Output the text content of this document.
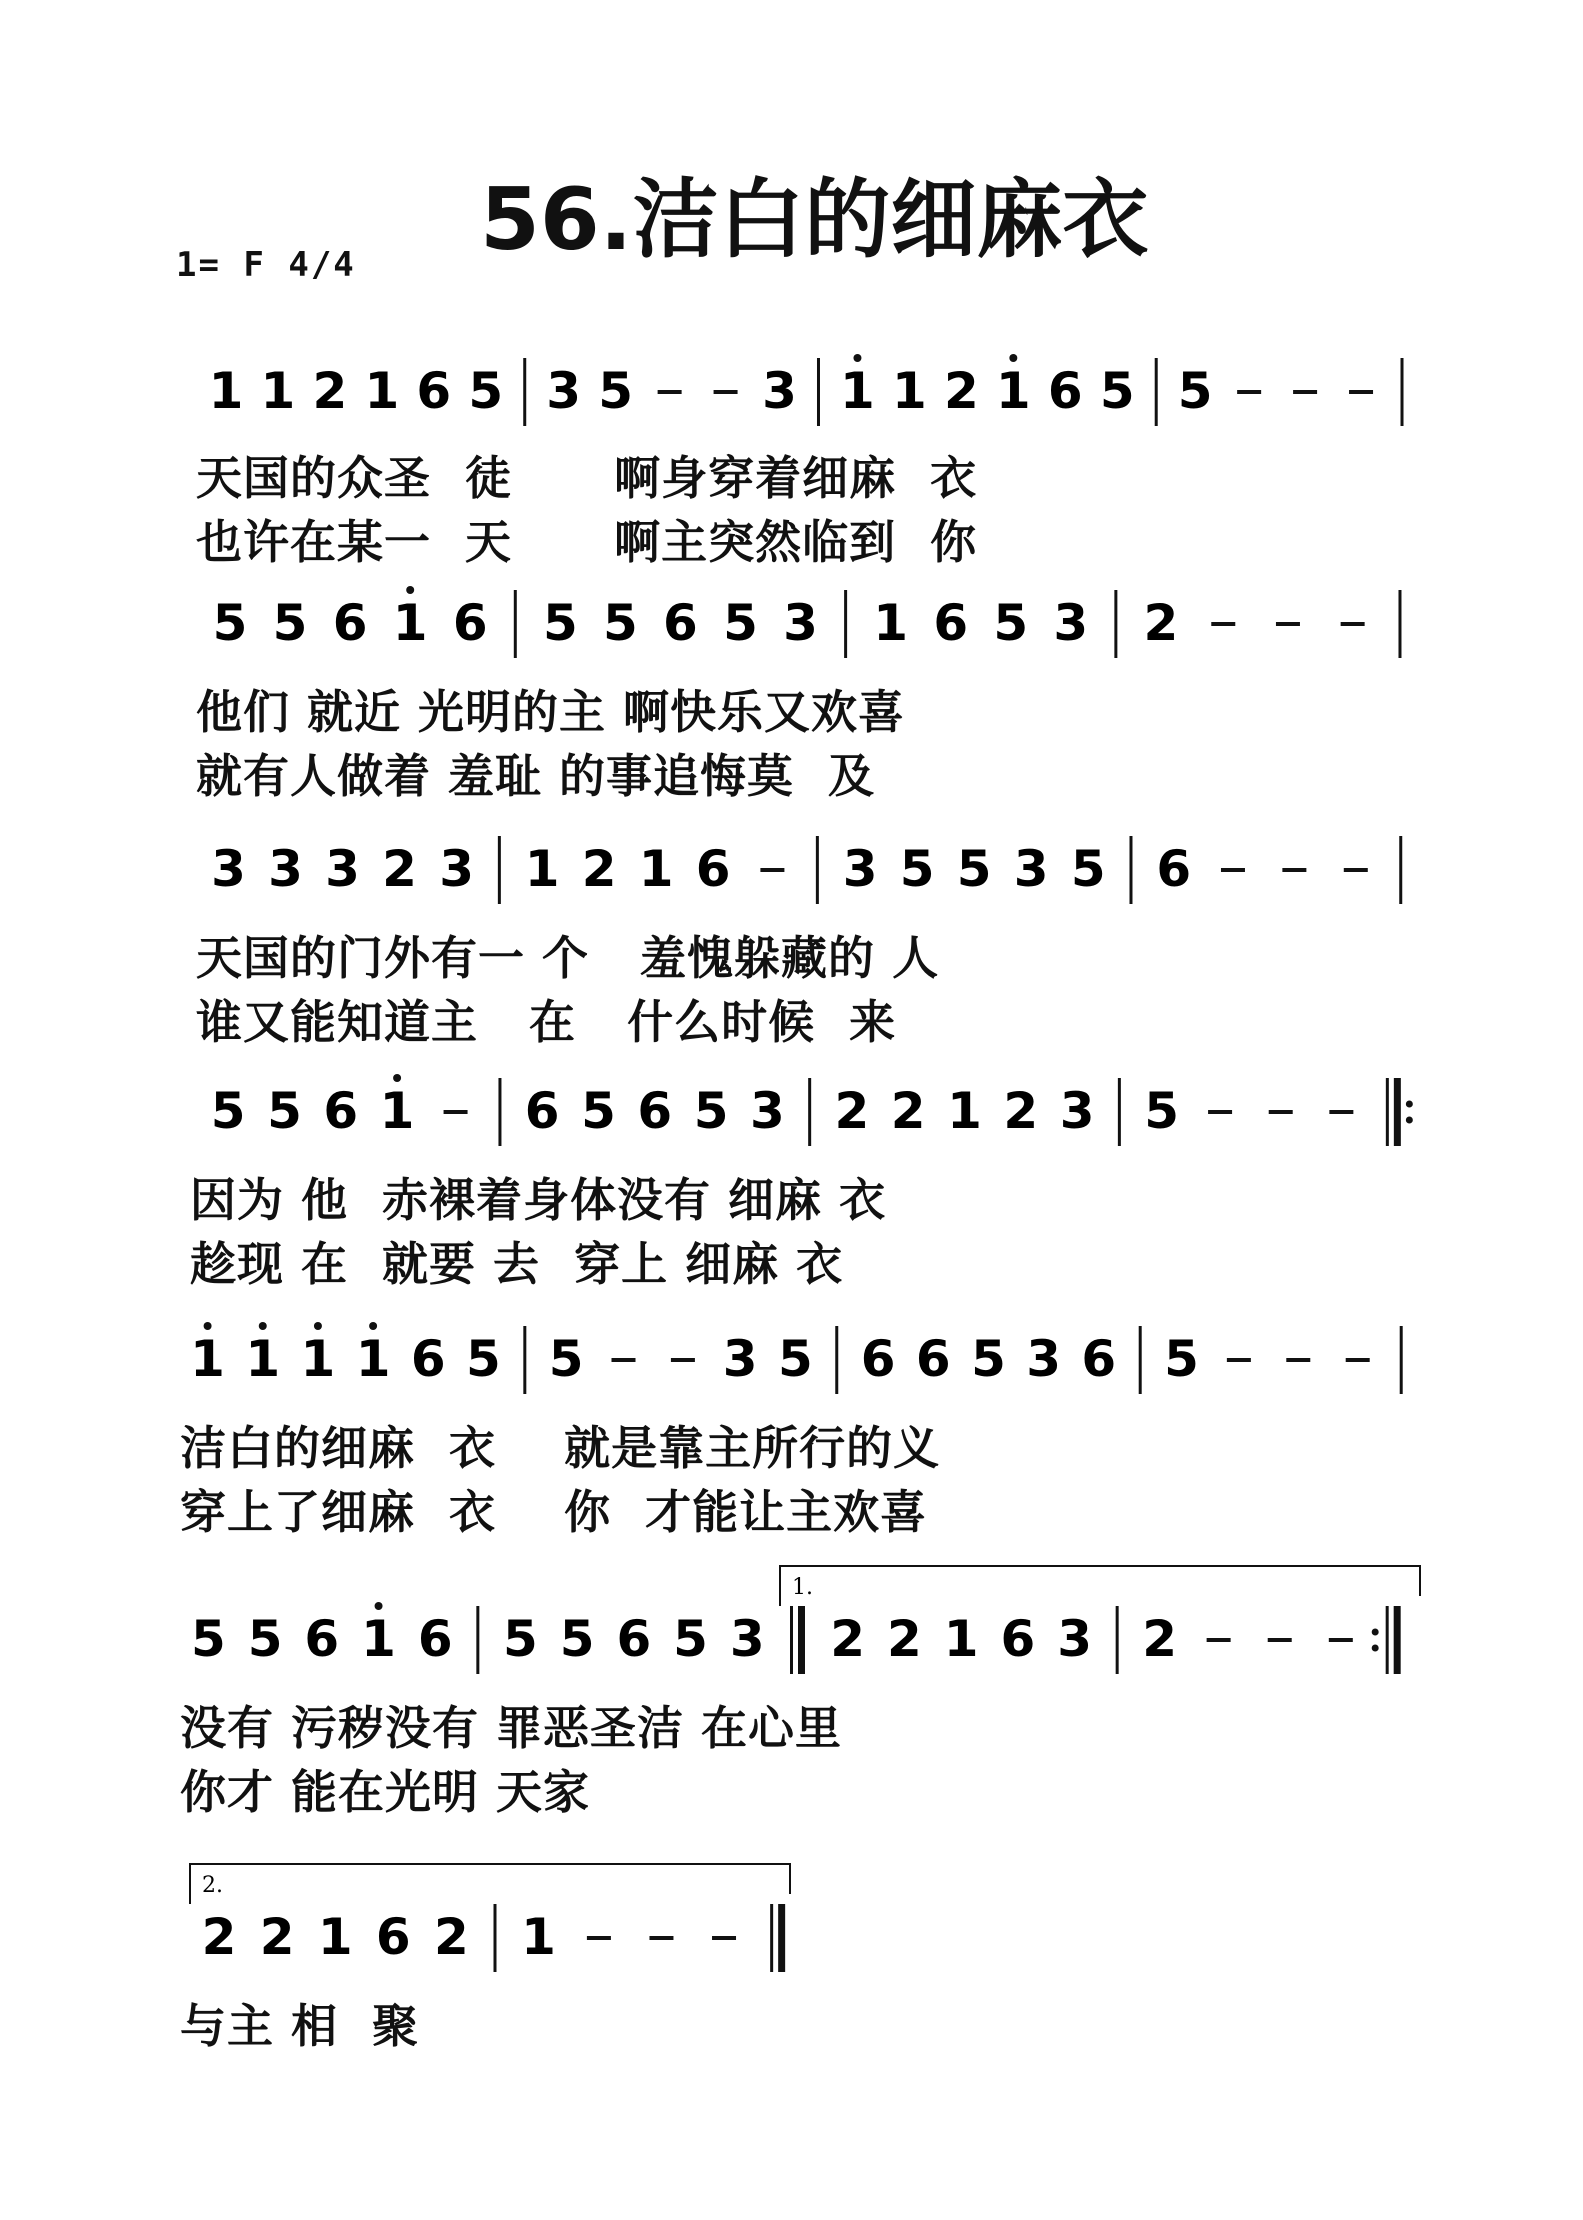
56.洁白的细麻衣
1= F 4/4
1 1 2 1 6 5 3 5	3 1 1 2 1 6 5 5
5 5 6 1 6 5 5 6 5 3 1 6 5 3 2
3 3 3 2 3 1 2 1 6 3 5 5 3 5 6
5 5 6 1 6 5 6 5 3 2 2 1 2 3 5
1 1 1 1 6 5 5	3 5 6 6 5 3 6 5
5 5 6 1 6 5 5 6 5 3 2 2 1 6 3 2
1.
2 2 1 6 2 1
2.
天国的众圣  徒      啊身穿着细麻  衣
也许在某一  天      啊主突然临到  你
他们 就近 光明的主 啊快乐又欢喜
就有人做着 羞耻 的事追悔莫  及
天国的门外有一 个   羞愧躲藏的 人
谁又能知道主   在   什么时候  来
因为 他  赤裸着身体没有 细麻 衣
趁现 在  就要 去  穿上 细麻 衣
洁白的细麻  衣    就是靠主所行的义
穿上了细麻  衣    你  才能让主欢喜
没有 污秽没有 罪恶圣洁 在心里
你才 能在光明 天家
与主 相  聚
